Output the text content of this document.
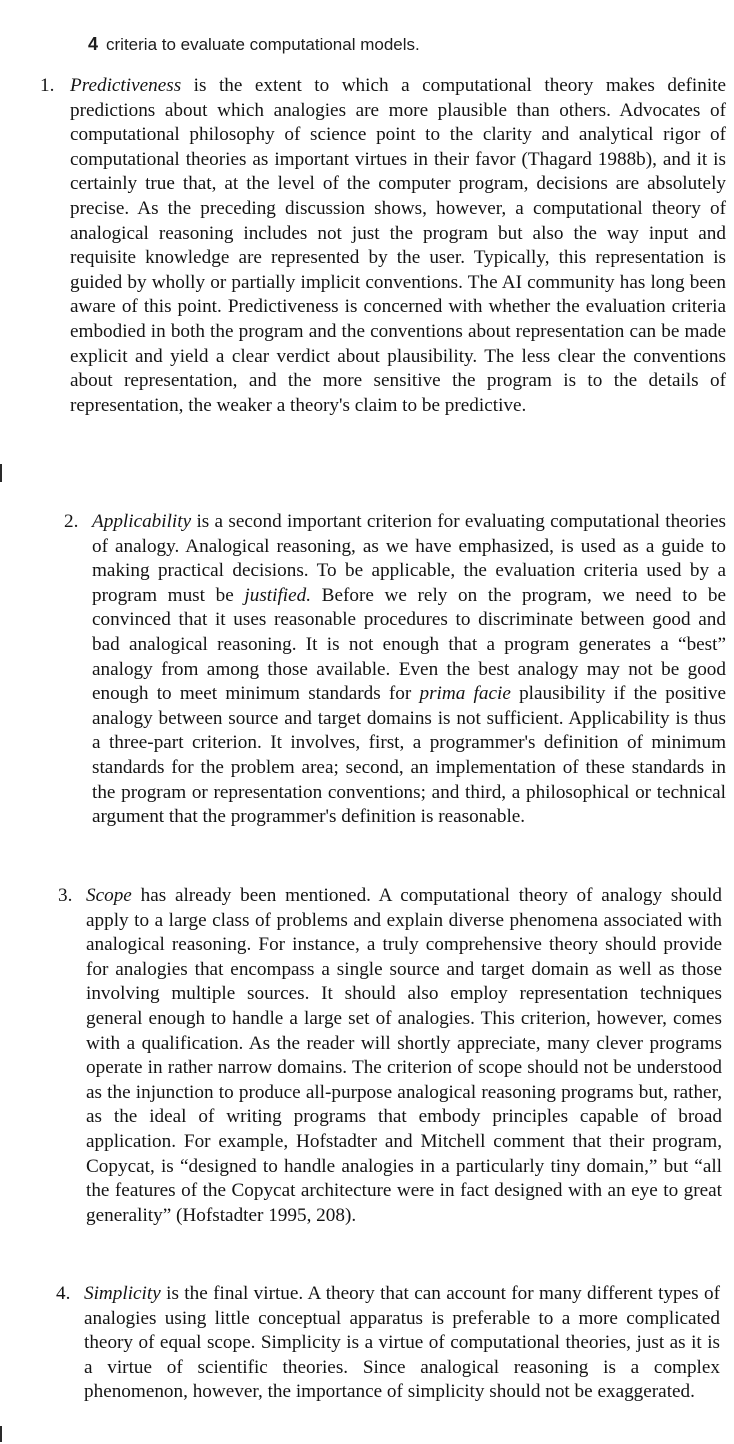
4 criteria to evaluate computational models.
1. Predictiveness is the extent to which a computational theory makes definite predictions about which analogies are more plausible than others. Advocates of computational philosophy of science point to the clarity and analytical rigor of computational theories as important virtues in their favor (Thagard 1988b), and it is certainly true that, at the level of the computer program, decisions are absolutely precise. As the preceding discussion shows, however, a computational theory of analogical reasoning includes not just the program but also the way input and requisite knowledge are represented by the user. Typically, this representation is guided by wholly or partially implicit conventions. The AI community has long been aware of this point. Predictiveness is concerned with whether the evaluation criteria embodied in both the program and the conventions about representation can be made explicit and yield a clear verdict about plausibility. The less clear the conventions about representation, and the more sensitive the program is to the details of representation, the weaker a theory's claim to be predictive.
2. Applicability is a second important criterion for evaluating computational theories of analogy. Analogical reasoning, as we have emphasized, is used as a guide to making practical decisions. To be applicable, the evaluation criteria used by a program must be justified. Before we rely on the program, we need to be convinced that it uses reasonable procedures to discriminate between good and bad analogical reasoning. It is not enough that a program generates a “best” analogy from among those available. Even the best analogy may not be good enough to meet minimum standards for prima facie plausibility if the positive analogy between source and target domains is not sufficient. Applicability is thus a three-part criterion. It involves, first, a programmer's definition of minimum standards for the problem area; second, an implementation of these standards in the program or representation conventions; and third, a philosophical or technical argument that the programmer's definition is reasonable.
3. Scope has already been mentioned. A computational theory of analogy should apply to a large class of problems and explain diverse phenomena associated with analogical reasoning. For instance, a truly comprehensive theory should provide for analogies that encompass a single source and target domain as well as those involving multiple sources. It should also employ representation techniques general enough to handle a large set of analogies. This criterion, however, comes with a qualification. As the reader will shortly appreciate, many clever programs operate in rather narrow domains. The criterion of scope should not be understood as the injunction to produce all-purpose analogical reasoning programs but, rather, as the ideal of writing programs that embody principles capable of broad application. For example, Hofstadter and Mitchell comment that their program, Copycat, is “designed to handle analogies in a particularly tiny domain,” but “all the features of the Copycat architecture were in fact designed with an eye to great generality” (Hofstadter 1995, 208).
4. Simplicity is the final virtue. A theory that can account for many different types of analogies using little conceptual apparatus is preferable to a more complicated theory of equal scope. Simplicity is a virtue of computational theories, just as it is a virtue of scientific theories. Since analogical reasoning is a complex phenomenon, however, the importance of simplicity should not be exaggerated.
